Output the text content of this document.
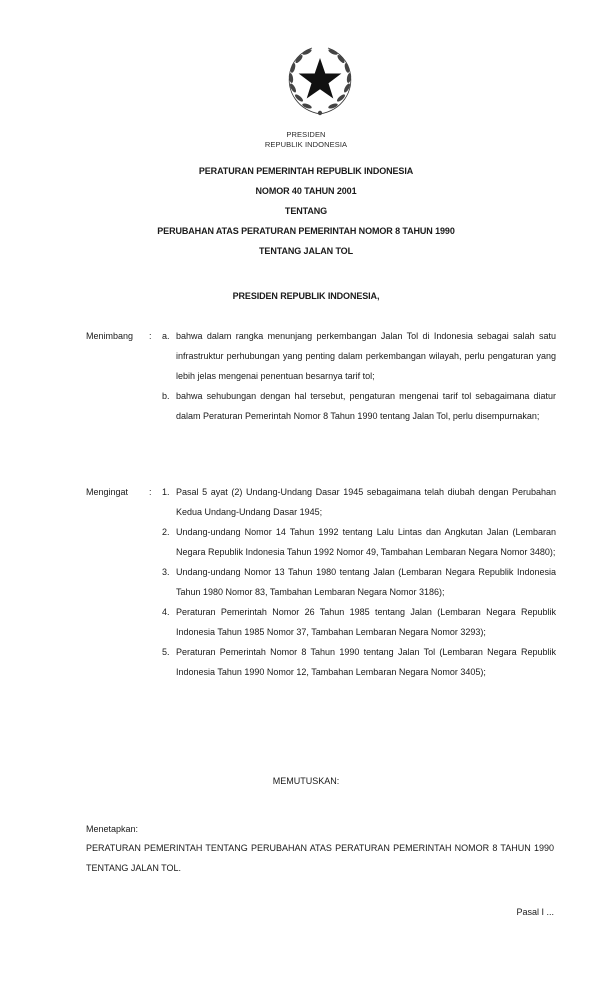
PRESIDEN
REPUBLIK INDONESIA
PERATURAN PEMERINTAH REPUBLIK INDONESIA
NOMOR 40 TAHUN 2001
TENTANG
PERUBAHAN ATAS PERATURAN PEMERINTAH NOMOR 8 TAHUN 1990
TENTANG JALAN TOL
PRESIDEN REPUBLIK INDONESIA,
Menimbang : a. bahwa dalam rangka menunjang perkembangan Jalan Tol di Indonesia sebagai salah satu infrastruktur perhubungan yang penting dalam perkembangan wilayah, perlu pengaturan yang lebih jelas mengenai penentuan besarnya tarif tol;
b. bahwa sehubungan dengan hal tersebut, pengaturan mengenai tarif tol sebagaimana diatur dalam Peraturan Pemerintah Nomor 8 Tahun 1990 tentang Jalan Tol, perlu disempurnakan;
Mengingat : 1. Pasal 5 ayat (2) Undang-Undang Dasar 1945 sebagaimana telah diubah dengan Perubahan Kedua Undang-Undang Dasar 1945;
2. Undang-undang Nomor 14 Tahun 1992 tentang Lalu Lintas dan Angkutan Jalan (Lembaran Negara Republik Indonesia Tahun 1992 Nomor 49, Tambahan Lembaran Negara Nomor 3480);
3. Undang-undang Nomor 13 Tahun 1980 tentang Jalan (Lembaran Negara Republik Indonesia Tahun 1980 Nomor 83, Tambahan Lembaran Negara Nomor 3186);
4. Peraturan Pemerintah Nomor 26 Tahun 1985 tentang Jalan (Lembaran Negara Republik Indonesia Tahun 1985 Nomor 37, Tambahan Lembaran Negara Nomor 3293);
5. Peraturan Pemerintah Nomor 8 Tahun 1990 tentang Jalan Tol (Lembaran Negara Republik Indonesia Tahun 1990 Nomor 12, Tambahan Lembaran Negara Nomor 3405);
MEMUTUSKAN:
Menetapkan:
PERATURAN PEMERINTAH TENTANG PERUBAHAN ATAS PERATURAN PEMERINTAH NOMOR 8 TAHUN 1990 TENTANG JALAN TOL.
Pasal I ...
